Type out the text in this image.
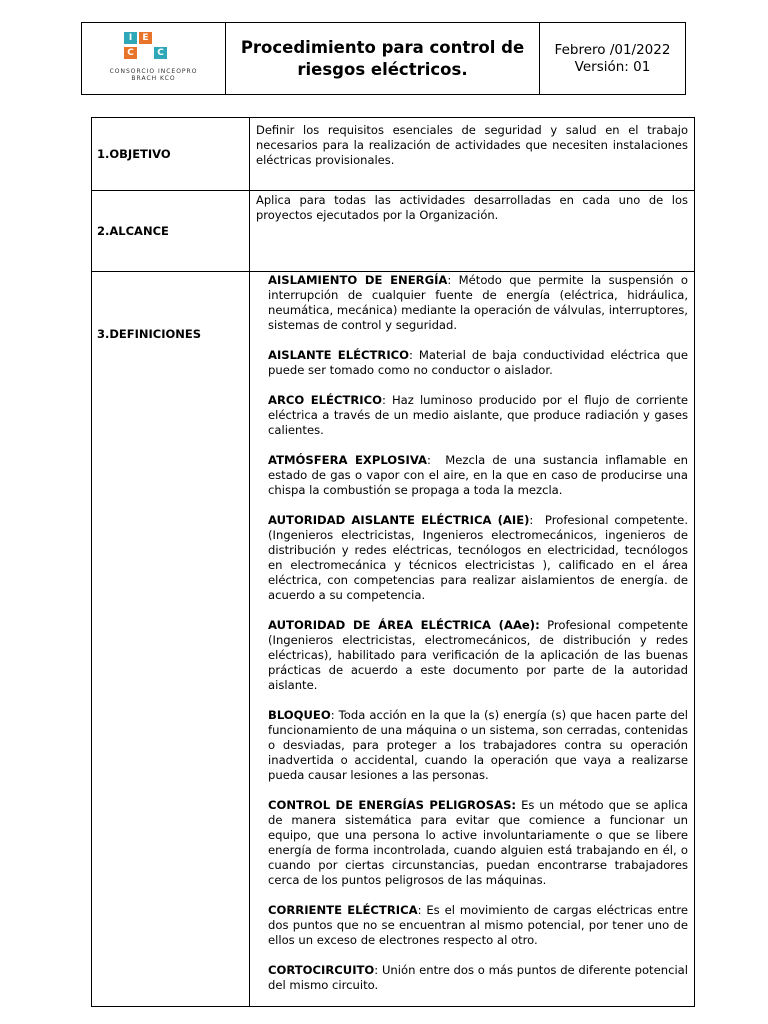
I	E
C	C
CONSORCIO INCEOPRO
BRACH KCO
Procedimiento para control de riesgos eléctricos.
Febrero /01/2022
Versión: 01
1.OBJETIVO
Definir los requisitos esenciales de seguridad y salud en el trabajo necesarios para la realización de actividades que necesiten instalaciones eléctricas provisionales.
2.ALCANCE
Aplica para todas las actividades desarrolladas en cada uno de los proyectos ejecutados por la Organización.
3.DEFINICIONES

AISLAMIENTO DE ENERGÍA: Método que permite la suspensión o interrupción de cualquier fuente de energía (eléctrica, hidráulica, neumática, mecánica) mediante la operación de válvulas, interruptores, sistemas de control y seguridad.

AISLANTE ELÉCTRICO: Material de baja conductividad eléctrica que puede ser tomado como no conductor o aislador.

ARCO ELÉCTRICO: Haz luminoso producido por el flujo de corriente eléctrica a través de un medio aislante, que produce radiación y gases calientes.

ATMÓSFERA EXPLOSIVA:  Mezcla de una sustancia inflamable en estado de gas o vapor con el aire, en la que en caso de producirse una chispa la combustión se propaga a toda la mezcla.

AUTORIDAD AISLANTE ELÉCTRICA (AIE):  Profesional competente. (Ingenieros electricistas, Ingenieros electromecánicos, ingenieros de distribución y redes eléctricas, tecnólogos en electricidad, tecnólogos en electromecánica y técnicos electricistas ), calificado en el área eléctrica, con competencias para realizar aislamientos de energía. de acuerdo a su competencia.

AUTORIDAD DE ÁREA ELÉCTRICA (AAe): Profesional competente (Ingenieros electricistas, electromecánicos, de distribución y redes eléctricas), habilitado para verificación de la aplicación de las buenas prácticas de acuerdo a este documento por parte de la autoridad aislante.

BLOQUEO: Toda acción en la que la (s) energía (s) que hacen parte del funcionamiento de una máquina o un sistema, son cerradas, contenidas o desviadas, para proteger a los trabajadores contra su operación inadvertida o accidental, cuando la operación que vaya a realizarse pueda causar lesiones a las personas.

CONTROL DE ENERGÍAS PELIGROSAS: Es un método que se aplica de manera sistemática para evitar que comience a funcionar un equipo, que una persona lo active involuntariamente o que se libere energía de forma incontrolada, cuando alguien está trabajando en él, o cuando por ciertas circunstancias, puedan encontrarse trabajadores cerca de los puntos peligrosos de las máquinas.

CORRIENTE ELÉCTRICA: Es el movimiento de cargas eléctricas entre dos puntos que no se encuentran al mismo potencial, por tener uno de ellos un exceso de electrones respecto al otro.

CORTOCIRCUITO: Unión entre dos o más puntos de diferente potencial del mismo circuito.
